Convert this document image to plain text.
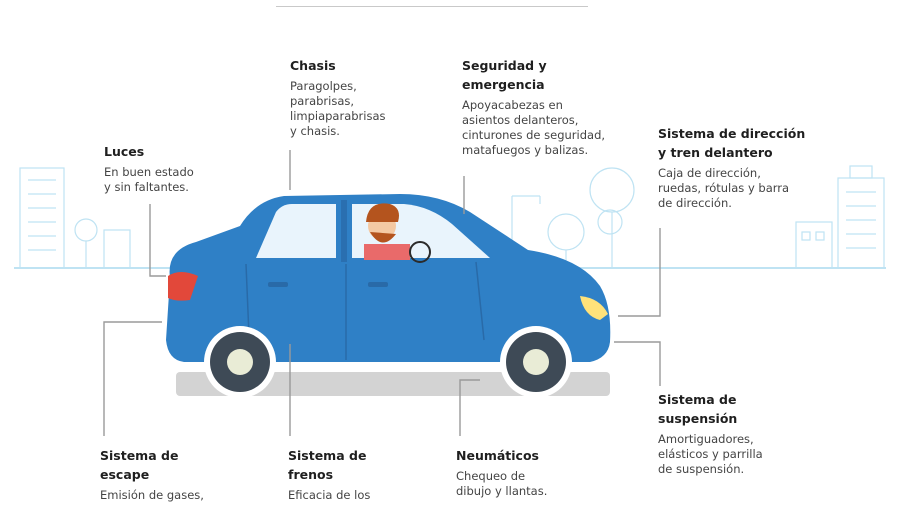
Luces
En buen estado
y sin faltantes.
Chasis
Paragolpes,
parabrisas,
limpiaparabrisas
y chasis.
Seguridad y
emergencia
Apoyacabezas en
asientos delanteros,
cinturones de seguridad,
matafuegos y balizas.
Sistema de dirección
y tren delantero
Caja de dirección,
ruedas, rótulas y barra
de dirección.
Sistema de
suspensión
Amortiguadores,
elásticos y parrilla
de suspensión.
Neumáticos
Chequeo de
dibujo y llantas.
Sistema de
frenos
Eficacia de los
Sistema de
escape
Emisión de gases,
